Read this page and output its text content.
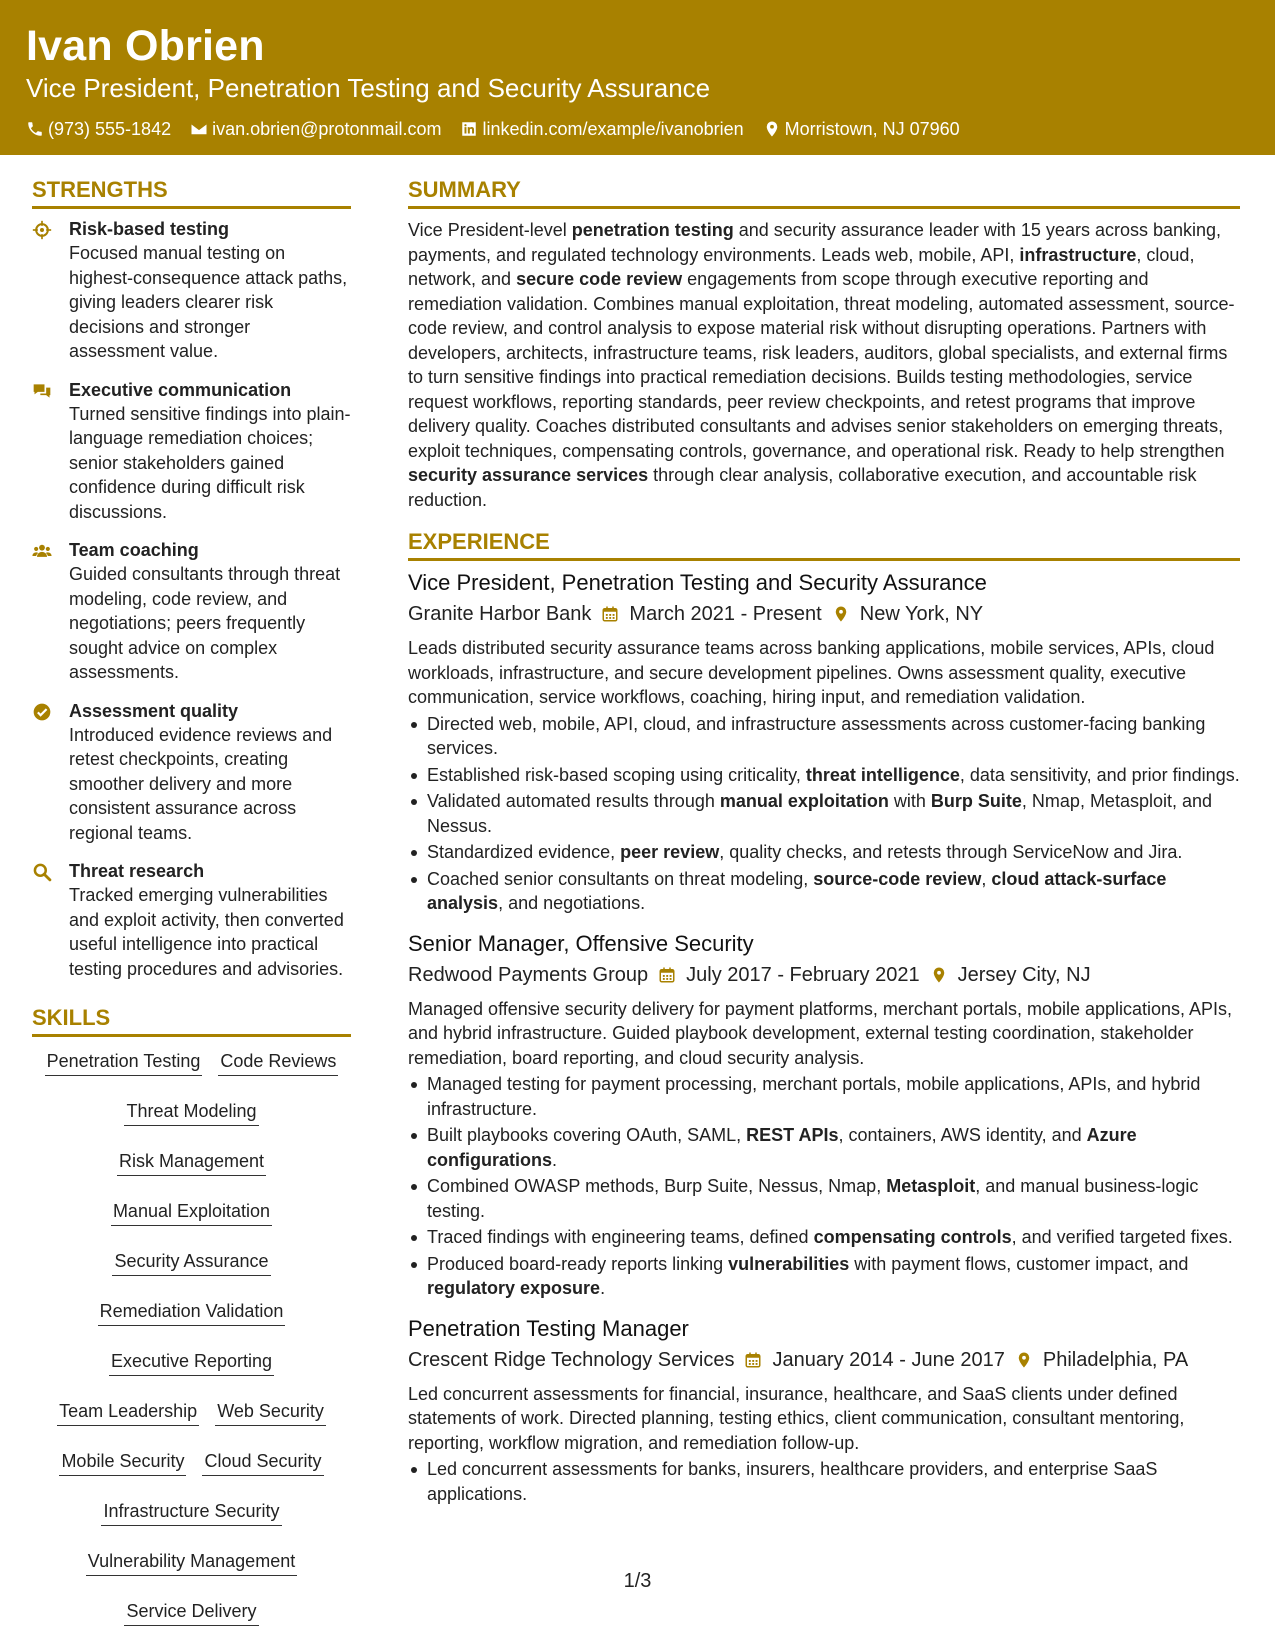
Ivan Obrien
Vice President, Penetration Testing and Security Assurance
(973) 555-1842 ivan.obrien@protonmail.com linkedin.com/example/ivanobrien Morristown, NJ 07960
STRENGTHS
Risk-based testing
Focused manual testing on highest-consequence attack paths, giving leaders clearer risk decisions and stronger assessment value.
Executive communication
Turned sensitive findings into plain-language remediation choices; senior stakeholders gained confidence during difficult risk discussions.
Team coaching
Guided consultants through threat modeling, code review, and negotiations; peers frequently sought advice on complex assessments.
Assessment quality
Introduced evidence reviews and retest checkpoints, creating smoother delivery and more consistent assurance across regional teams.
Threat research
Tracked emerging vulnerabilities and exploit activity, then converted useful intelligence into practical testing procedures and advisories.
SKILLS
Penetration Testing Code Reviews
Threat Modeling
Risk Management
Manual Exploitation
Security Assurance
Remediation Validation
Executive Reporting
Team Leadership Web Security
Mobile Security Cloud Security
Infrastructure Security
Vulnerability Management
Service Delivery
SUMMARY
Vice President-level penetration testing and security assurance leader with 15 years across banking, payments, and regulated technology environments. Leads web, mobile, API, infrastructure, cloud, network, and secure code review engagements from scope through executive reporting and remediation validation. Combines manual exploitation, threat modeling, automated assessment, source-code review, and control analysis to expose material risk without disrupting operations. Partners with developers, architects, infrastructure teams, risk leaders, auditors, global specialists, and external firms to turn sensitive findings into practical remediation decisions. Builds testing methodologies, service request workflows, reporting standards, peer review checkpoints, and retest programs that improve delivery quality. Coaches distributed consultants and advises senior stakeholders on emerging threats, exploit techniques, compensating controls, governance, and operational risk. Ready to help strengthen security assurance services through clear analysis, collaborative execution, and accountable risk reduction.
EXPERIENCE
Vice President, Penetration Testing and Security Assurance
Granite Harbor Bank March 2021 - Present New York, NY
Leads distributed security assurance teams across banking applications, mobile services, APIs, cloud workloads, infrastructure, and secure development pipelines. Owns assessment quality, executive communication, service workflows, coaching, hiring input, and remediation validation.
Directed web, mobile, API, cloud, and infrastructure assessments across customer-facing banking services.
Established risk-based scoping using criticality, threat intelligence, data sensitivity, and prior findings.
Validated automated results through manual exploitation with Burp Suite, Nmap, Metasploit, and Nessus.
Standardized evidence, peer review, quality checks, and retests through ServiceNow and Jira.
Coached senior consultants on threat modeling, source-code review, cloud attack-surface analysis, and negotiations.
Senior Manager, Offensive Security
Redwood Payments Group July 2017 - February 2021 Jersey City, NJ
Managed offensive security delivery for payment platforms, merchant portals, mobile applications, APIs, and hybrid infrastructure. Guided playbook development, external testing coordination, stakeholder remediation, board reporting, and cloud security analysis.
Managed testing for payment processing, merchant portals, mobile applications, APIs, and hybrid infrastructure.
Built playbooks covering OAuth, SAML, REST APIs, containers, AWS identity, and Azure configurations.
Combined OWASP methods, Burp Suite, Nessus, Nmap, Metasploit, and manual business-logic testing.
Traced findings with engineering teams, defined compensating controls, and verified targeted fixes.
Produced board-ready reports linking vulnerabilities with payment flows, customer impact, and regulatory exposure.
Penetration Testing Manager
Crescent Ridge Technology Services January 2014 - June 2017 Philadelphia, PA
Led concurrent assessments for financial, insurance, healthcare, and SaaS clients under defined statements of work. Directed planning, testing ethics, client communication, consultant mentoring, reporting, workflow migration, and remediation follow-up.
Led concurrent assessments for banks, insurers, healthcare providers, and enterprise SaaS applications.
1/3
